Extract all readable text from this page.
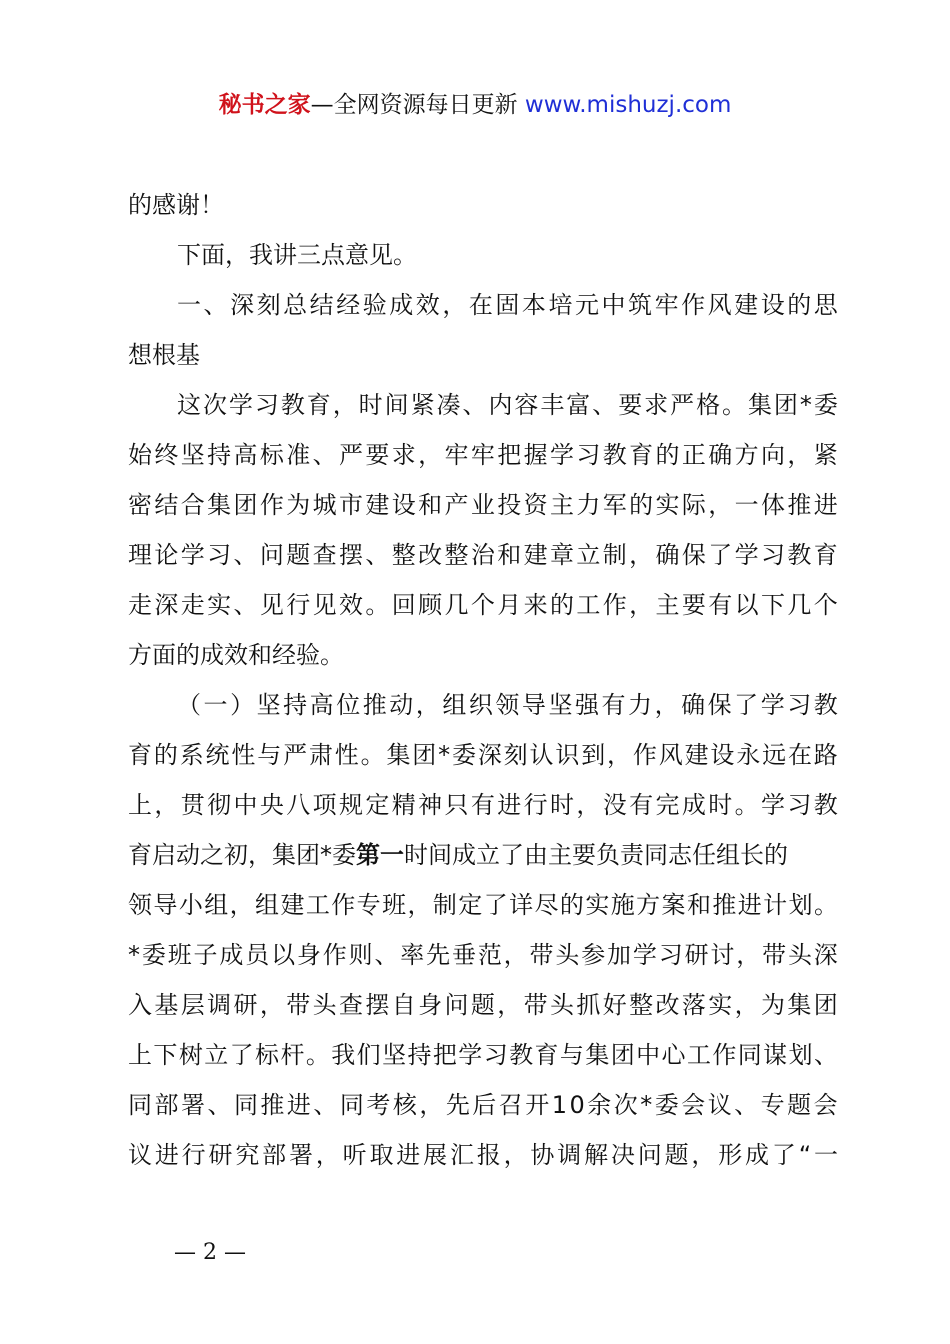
秘书之家—全网资源每日更新 www.mishuzj.com
的感谢！
下面，我讲三点意见。
一 、 深 刻 总 结 经 验 成 效 ， 在 固 本 培 元 中 筑 牢 作 风 建 设 的 思
想根基
这 次 学 习 教 育 ， 时 间 紧 凑 、 内 容 丰 富 、 要 求 严 格 。 集 团 * 委
始 终 坚 持 高 标 准 、 严 要 求 ， 牢 牢 把 握 学 习 教 育 的 正 确 方 向 ， 紧
密 结 合 集 团 作 为 城 市 建 设 和 产 业 投 资 主 力 军 的 实 际 ， 一 体 推 进
理 论 学 习 、 问 题 查 摆 、 整 改 整 治 和 建 章 立 制 ， 确 保 了 学 习 教 育
走 深 走 实 、 见 行 见 效 。 回 顾 几 个 月 来 的 工 作 ， 主 要 有 以 下 几 个
方面的成效和经验。
（ 一 ） 坚 持 高 位 推 动 ， 组 织 领 导 坚 强 有 力 ， 确 保 了 学 习 教
育 的 系 统 性 与 严 肃 性 。 集 团 * 委 深 刻 认 识 到 ， 作 风 建 设 永 远 在 路
上 ， 贯 彻 中 央 八 项 规 定 精 神 只 有 进 行 时 ， 没 有 完 成 时 。 学 习 教
育启动之初，集团*委 第一 时间成立了由主要负责同志任组长的
领 导 小 组 ， 组 建 工 作 专 班 ， 制 定 了 详 尽 的 实 施 方 案 和 推 进 计 划 。
* 委 班 子 成 员 以 身 作 则 、 率 先 垂 范 ， 带 头 参 加 学 习 研 讨 ， 带 头 深
入 基 层 调 研 ， 带 头 查 摆 自 身 问 题 ， 带 头 抓 好 整 改 落 实 ， 为 集 团
上 下 树 立 了 标 杆 。 我 们 坚 持 把 学 习 教 育 与 集 团 中 心 工 作 同 谋 划 、
同 部 署 、 同 推 进 、 同 考 核 ， 先 后 召 开 1 0 余 次 * 委 会 议 、 专 题 会
议 进 行 研 究 部 署 ， 听 取 进 展 汇 报 ， 协 调 解 决 问 题 ， 形 成 了 “ 一
— 2 —
